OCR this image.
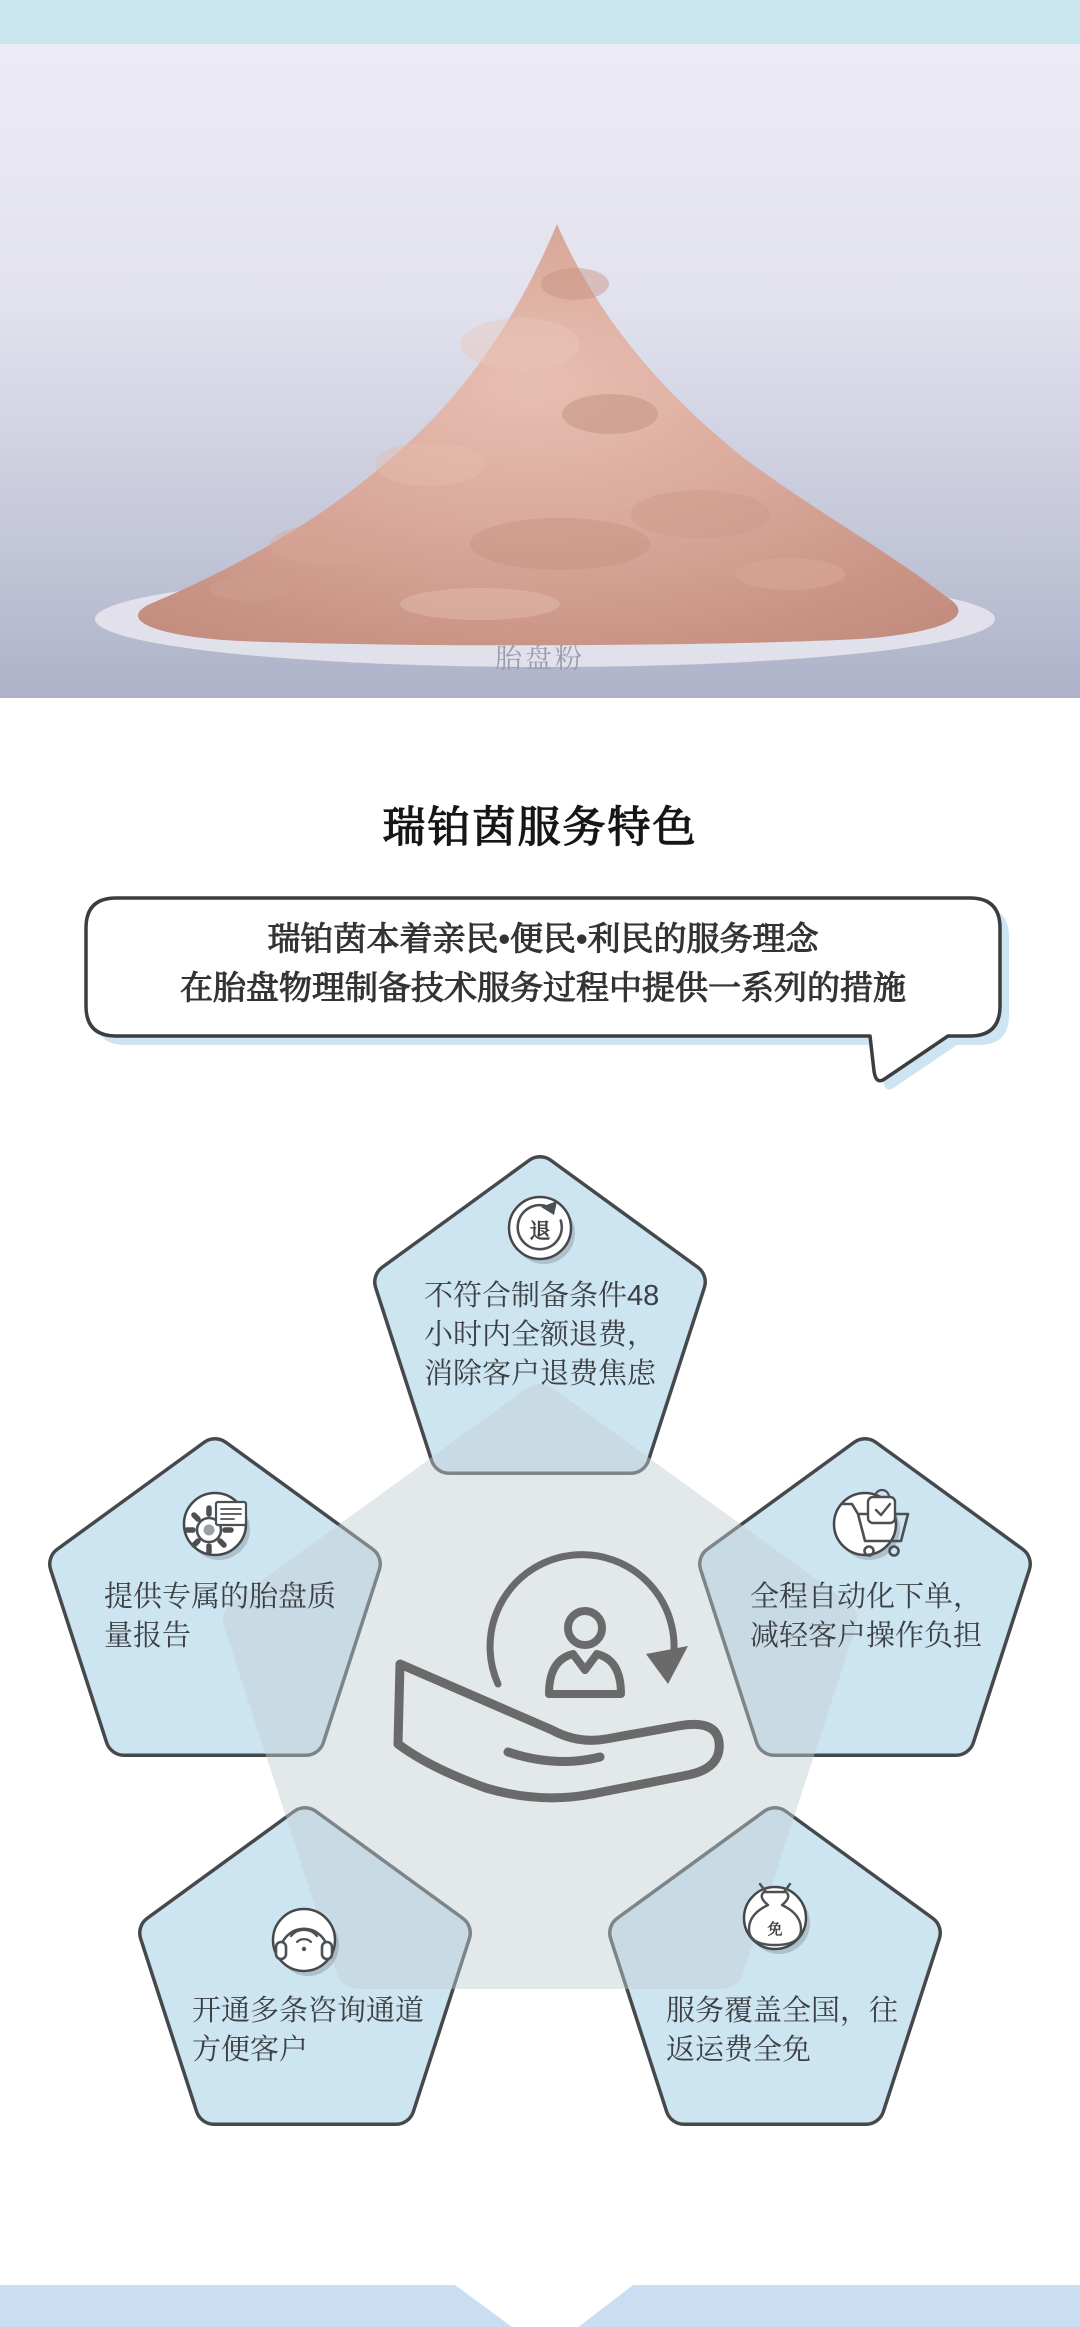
胎盘粉
瑞铂茵服务特色
瑞铂茵本着亲民•便民•利民的服务理念
在胎盘物理制备技术服务过程中提供一系列的措施
退
免
不符合制备条件48
小时内全额退费，
消除客户退费焦虑
提供专属的胎盘质
量报告
全程自动化下单，
减轻客户操作负担
开通多条咨询通道
方便客户
服务覆盖全国，往
返运费全免
